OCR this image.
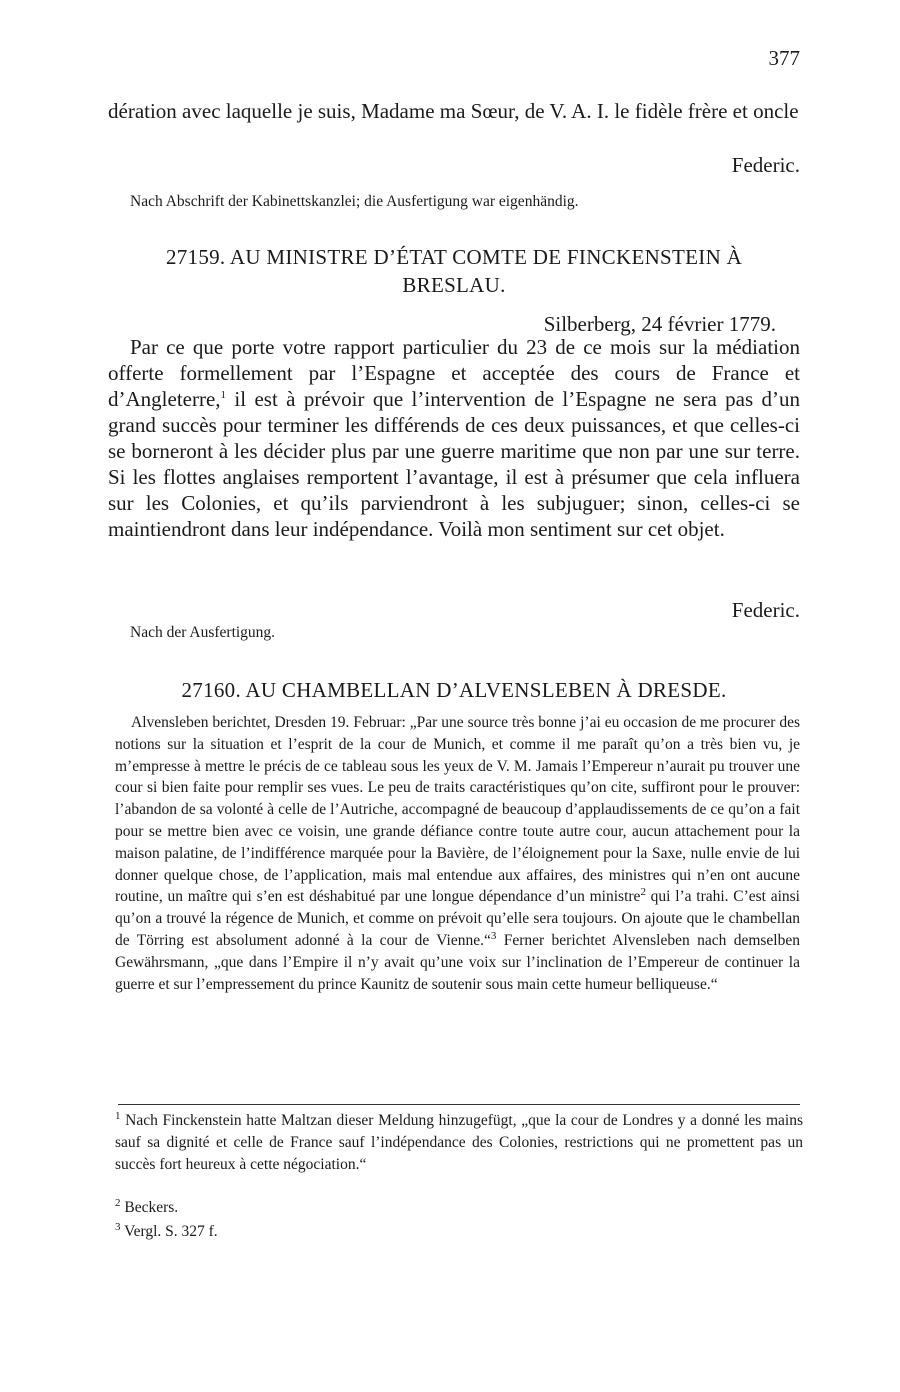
377

dération avec laquelle je suis, Madame ma Sœur, de V. A. I. le fidèle frère et oncle

Federic.

Nach Abschrift der Kabinettskanzlei; die Ausfertigung war eigenhändig.

27159. AU MINISTRE D’ÉTAT COMTE DE FINCKENSTEIN À
BRESLAU.

Silberberg, 24 février 1779.

Par ce que porte votre rapport particulier du 23 de ce mois sur la médiation offerte formellement par l’Espagne et acceptée des cours de France et d’Angleterre,$^1$ il est à prévoir que l’intervention de l’Espagne ne sera pas d’un grand succès pour terminer les différends de ces deux puissances, et que celles-ci se borneront à les décider plus par une guerre maritime que non par une sur terre. Si les flottes anglaises remportent l’avantage, il est à présumer que cela influera sur les Colonies, et qu’ils parviendront à les subjuguer; sinon, celles-ci se maintiendront dans leur indépendance. Voilà mon sentiment sur cet objet.

Federic.

Nach der Ausfertigung.

27160. AU CHAMBELLAN D’ALVENSLEBEN À DRESDE.

Alvensleben berichtet, Dresden 19. Februar: „Par une source très bonne j’ai eu occasion de me procurer des notions sur la situation et l’esprit de la cour de Munich, et comme il me paraît qu’on a très bien vu, je m’empresse à mettre le précis de ce tableau sous les yeux de V. M. Jamais l’Empereur n’aurait pu trouver une cour si bien faite pour remplir ses vues. Le peu de traits caractéristiques qu’on cite, suffiront pour le prouver: l’abandon de sa volonté à celle de l’Autriche, accompagné de beaucoup d’applaudissements de ce qu’on a fait pour se mettre bien avec ce voisin, une grande défiance contre toute autre cour, aucun attachement pour la maison palatine, de l’indifférence marquée pour la Bavière, de l’éloignement pour la Saxe, nulle envie de lui donner quelque chose, de l’application, mais mal entendue aux affaires, des ministres qui n’en ont aucune routine, un maître qui s’en est déshabitué par une longue dépendance d’un ministre$^2$ qui l’a trahi. C’est ainsi qu’on a trouvé la régence de Munich, et comme on prévoit qu’elle sera toujours. On ajoute que le chambellan de Törring est absolument adonné à la cour de Vienne.“$^3$ Ferner berichtet Alvensleben nach demselben Gewährsmann, „que dans l’Empire il n’y avait qu’une voix sur l’inclination de l’Empereur de continuer la guerre et sur l’empressement du prince Kaunitz de soutenir sous main cette humeur belliqueuse.“

$^1$ Nach Finckenstein hatte Maltzan dieser Meldung hinzugefügt, „que la cour de Londres y a donné les mains sauf sa dignité et celle de France sauf l’indépendance des Colonies, restrictions qui ne promettent pas un succès fort heureux à cette négociation.“
$^2$ Beckers.
$^3$ Vergl. S. 327 f.
